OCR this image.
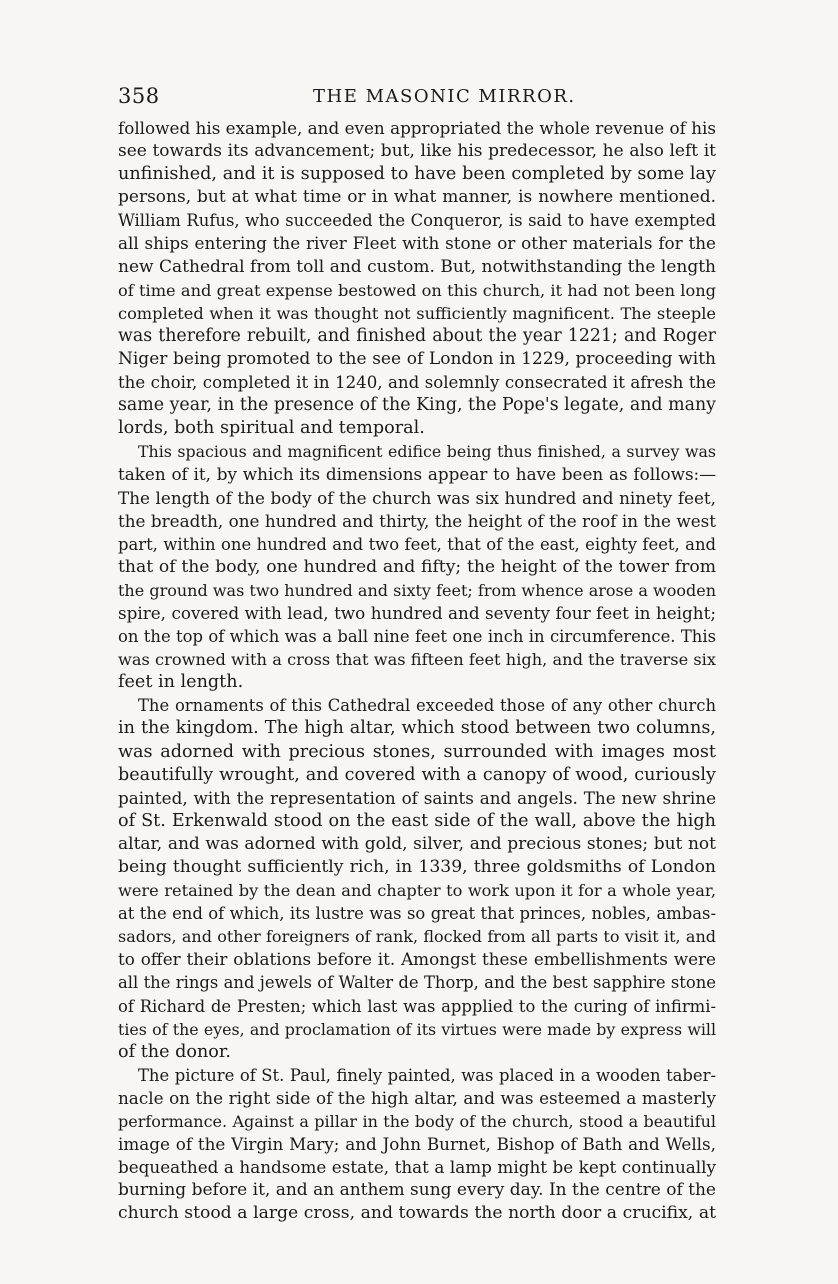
358	THE MASONIC MIRROR.
followed his example, and even appropriated the whole revenue of his
see towards its advancement; but, like his predecessor, he also left it
unfinished, and it is supposed to have been completed by some lay
persons, but at what time or in what manner, is nowhere mentioned.
William Rufus, who succeeded the Conqueror, is said to have exempted
all ships entering the river Fleet with stone or other materials for the
new Cathedral from toll and custom. But, notwithstanding the length
of time and great expense bestowed on this church, it had not been long
completed when it was thought not sufficiently magnificent. The steeple
was therefore rebuilt, and finished about the year 1221; and Roger
Niger being promoted to the see of London in 1229, proceeding with
the choir, completed it in 1240, and solemnly consecrated it afresh the
same year, in the presence of the King, the Pope's legate, and many
lords, both spiritual and temporal.
This spacious and magnificent edifice being thus finished, a survey was
taken of it, by which its dimensions appear to have been as follows:—
The length of the body of the church was six hundred and ninety feet,
the breadth, one hundred and thirty, the height of the roof in the west
part, within one hundred and two feet, that of the east, eighty feet, and
that of the body, one hundred and fifty; the height of the tower from
the ground was two hundred and sixty feet; from whence arose a wooden
spire, covered with lead, two hundred and seventy four feet in height;
on the top of which was a ball nine feet one inch in circumference. This
was crowned with a cross that was fifteen feet high, and the traverse six
feet in length.
The ornaments of this Cathedral exceeded those of any other church
in the kingdom. The high altar, which stood between two columns,
was adorned with precious stones, surrounded with images most
beautifully wrought, and covered with a canopy of wood, curiously
painted, with the representation of saints and angels. The new shrine
of St. Erkenwald stood on the east side of the wall, above the high
altar, and was adorned with gold, silver, and precious stones; but not
being thought sufficiently rich, in 1339, three goldsmiths of London
were retained by the dean and chapter to work upon it for a whole year,
at the end of which, its lustre was so great that princes, nobles, ambas-
sadors, and other foreigners of rank, flocked from all parts to visit it, and
to offer their oblations before it. Amongst these embellishments were
all the rings and jewels of Walter de Thorp, and the best sapphire stone
of Richard de Presten; which last was appplied to the curing of infirmi-
ties of the eyes, and proclamation of its virtues were made by express will
of the donor.
The picture of St. Paul, finely painted, was placed in a wooden taber-
nacle on the right side of the high altar, and was esteemed a masterly
performance. Against a pillar in the body of the church, stood a beautiful
image of the Virgin Mary; and John Burnet, Bishop of Bath and Wells,
bequeathed a handsome estate, that a lamp might be kept continually
burning before it, and an anthem sung every day. In the centre of the
church stood a large cross, and towards the north door a crucifix, at
